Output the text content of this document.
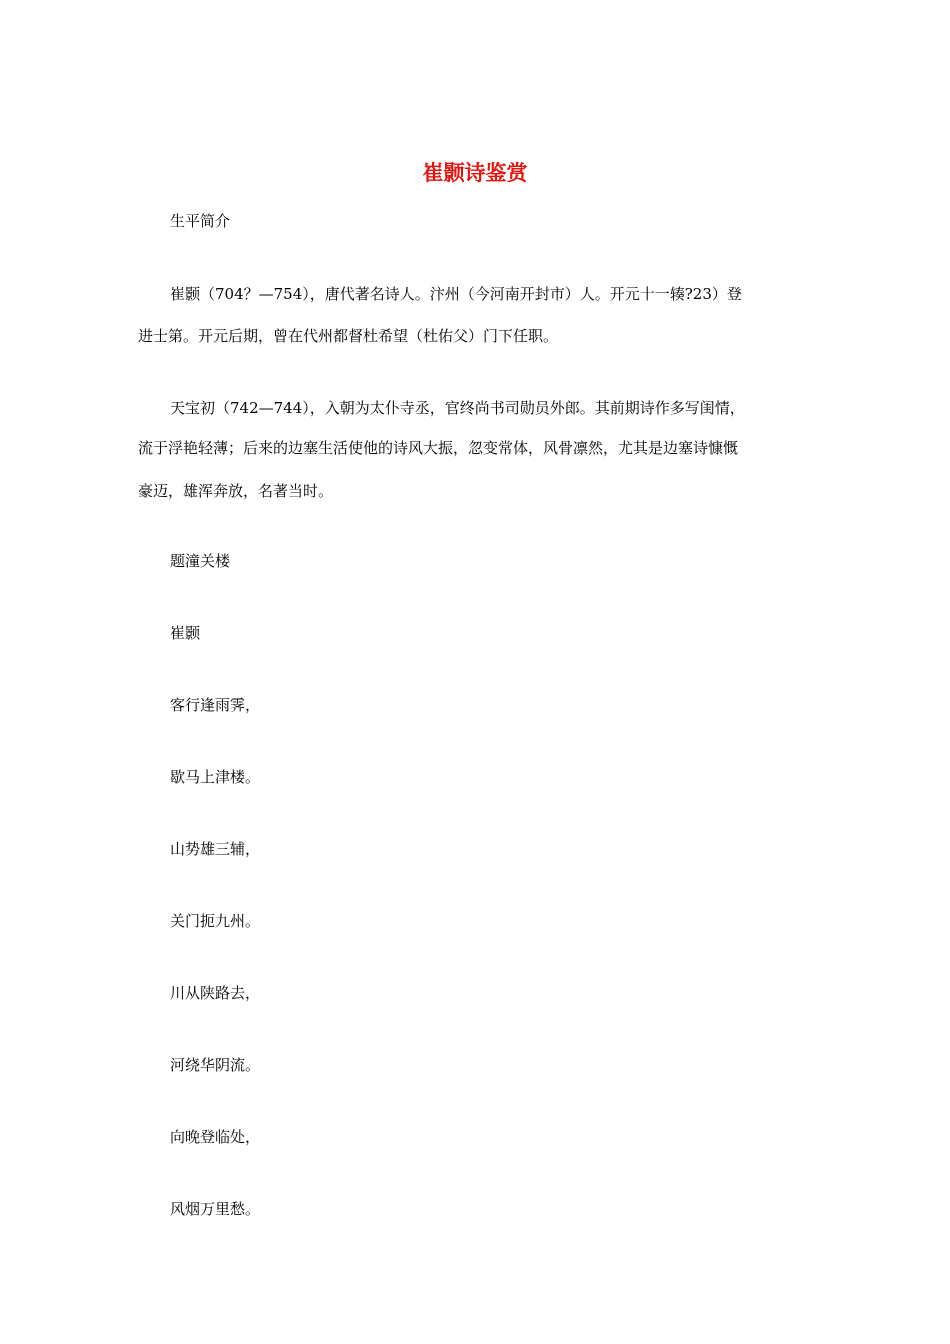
崔颢诗鉴赏
生平简介
崔颢（704？—754），唐代著名诗人。汴州（今河南开封市）人。开元十一辏?23）登
进士第。开元后期，曾在代州都督杜希望（杜佑父）门下任职。
天宝初（742—744），入朝为太仆寺丞，官终尚书司勋员外郎。其前期诗作多写闺情，
流于浮艳轻薄；后来的边塞生活使他的诗风大振，忽变常体，风骨凛然，尤其是边塞诗慷慨
豪迈，雄浑奔放，名著当时。
题潼关楼
崔颢
客行逢雨霁，
歇马上津楼。
山势雄三辅，
关门扼九州。
川从陕路去，
河绕华阴流。
向晚登临处，
风烟万里愁。
